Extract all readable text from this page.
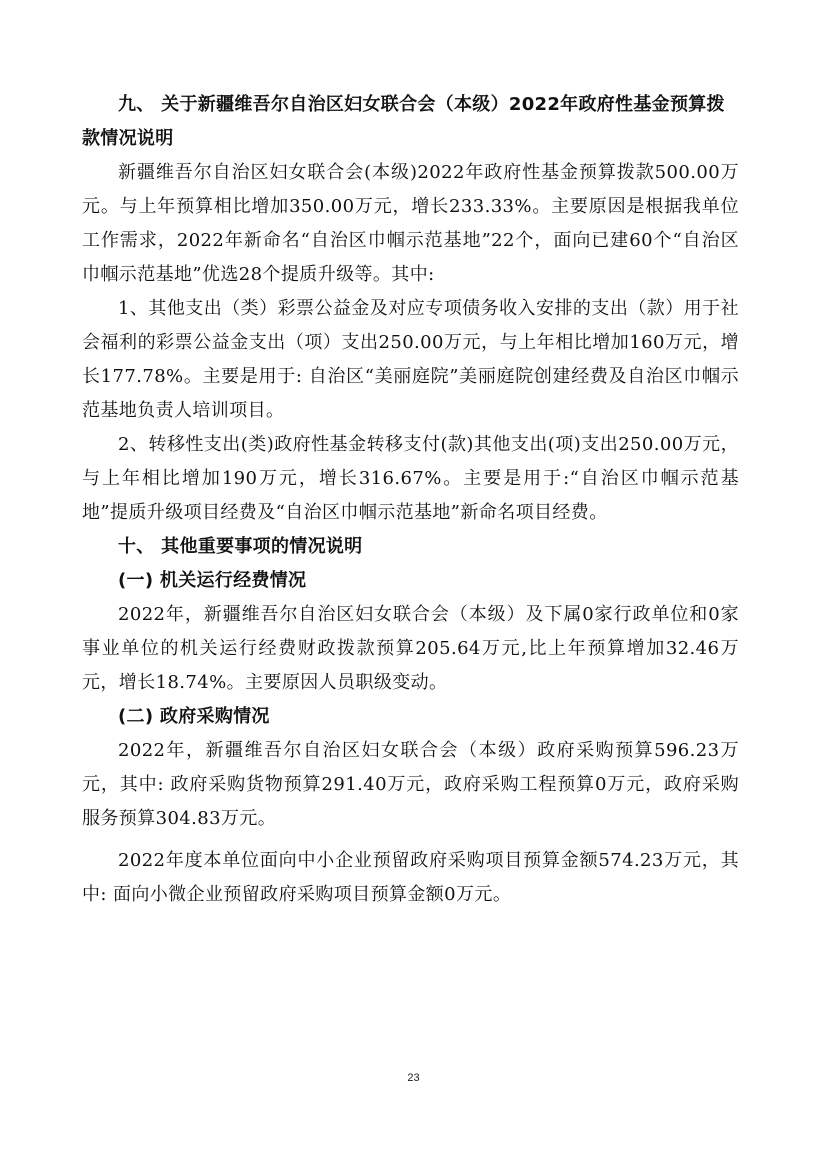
九、 关于新疆维吾尔自治区妇女联合会（本级）2022年政府性基金预算拨款情况说明

新疆维吾尔自治区妇女联合会(本级)2022年政府性基金预算拨款500.00万元。与上年预算相比增加350.00万元，增长233.33%。主要原因是根据我单位工作需求，2022年新命名“自治区巾帼示范基地”22个，面向已建60个“自治区巾帼示范基地”优选28个提质升级等。其中:

1、其他支出（类）彩票公益金及对应专项债务收入安排的支出（款）用于社会福利的彩票公益金支出（项）支出250.00万元，与上年相比增加160万元，增长177.78%。主要是用于: 自治区“美丽庭院”美丽庭院创建经费及自治区巾帼示范基地负责人培训项目。

2、转移性支出(类)政府性基金转移支付(款)其他支出(项)支出250.00万元，与上年相比增加190万元，增长316.67%。主要是用于:“自治区巾帼示范基地”提质升级项目经费及“自治区巾帼示范基地”新命名项目经费。

十、 其他重要事项的情况说明

(一) 机关运行经费情况

2022年，新疆维吾尔自治区妇女联合会（本级）及下属0家行政单位和0家事业单位的机关运行经费财政拨款预算205.64万元,比上年预算增加32.46万元，增长18.74%。主要原因人员职级变动。

(二) 政府采购情况

2022年，新疆维吾尔自治区妇女联合会（本级）政府采购预算596.23万元，其中: 政府采购货物预算291.40万元，政府采购工程预算0万元，政府采购服务预算304.83万元。

2022年度本单位面向中小企业预留政府采购项目预算金额574.23万元，其中: 面向小微企业预留政府采购项目预算金额0万元。

23
